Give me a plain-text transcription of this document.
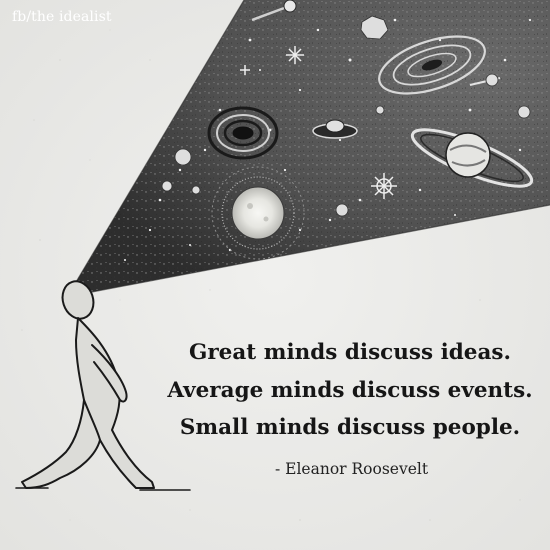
fb/the idealist
Great minds discuss ideas.
Average minds discuss events.
Small minds discuss people.
- Eleanor Roosevelt
